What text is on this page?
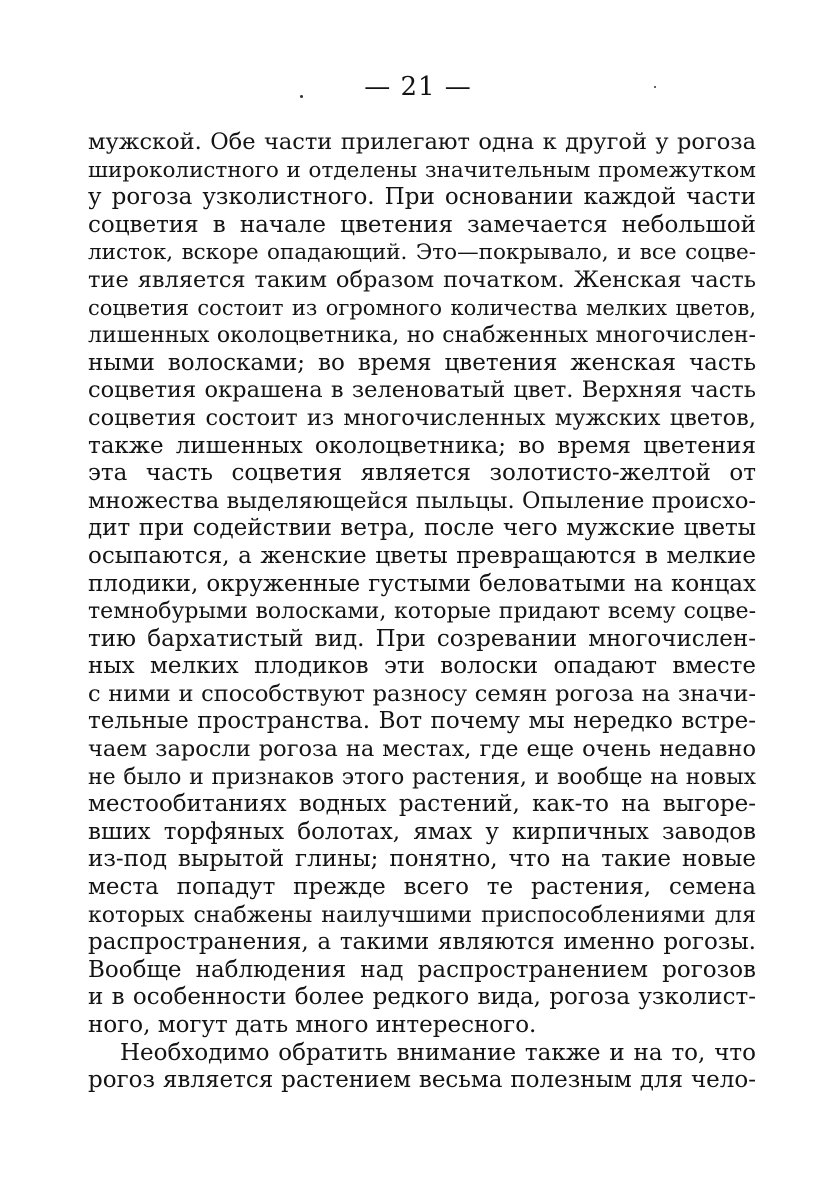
— 21 —
мужской. Обе части прилегают одна к другой у рогоза
широколистного и отделены значительным промежутком
у рогоза узколистного. При основании каждой части
соцветия в начале цветения замечается небольшой
листок, вскоре опадающий. Это—покрывало, и все соцве-
тие является таким образом початком. Женская часть
соцветия состоит из огромного количества мелких цветов,
лишенных околоцветника, но снабженных многочислен-
ными волосками; во время цветения женская часть
соцветия окрашена в зеленоватый цвет. Верхняя часть
соцветия состоит из многочисленных мужских цветов,
также лишенных околоцветника; во время цветения
эта часть соцветия является золотисто-желтой от
множества выделяющейся пыльцы. Опыление происхо-
дит при содействии ветра, после чего мужские цветы
осыпаются, а женские цветы превращаются в мелкие
плодики, окруженные густыми беловатыми на концах
темнобурыми волосками, которые придают всему соцве-
тию бархатистый вид. При созревании многочислен-
ных мелких плодиков эти волоски опадают вместе
с ними и способствуют разносу семян рогоза на значи-
тельные пространства. Вот почему мы нередко встре-
чаем заросли рогоза на местах, где еще очень недавно
не было и признаков этого растения, и вообще на новых
местообитаниях водных растений, как-то на выгоре-
вших торфяных болотах, ямах у кирпичных заводов
из-под вырытой глины; понятно, что на такие новые
места попадут прежде всего те растения, семена
которых снабжены наилучшими приспособлениями для
распространения, а такими являются именно рогозы.
Вообще наблюдения над распространением рогозов
и в особенности более редкого вида, рогоза узколист-
ного, могут дать много интересного.
Необходимо обратить внимание также и на то, что
рогоз является растением весьма полезным для чело-
